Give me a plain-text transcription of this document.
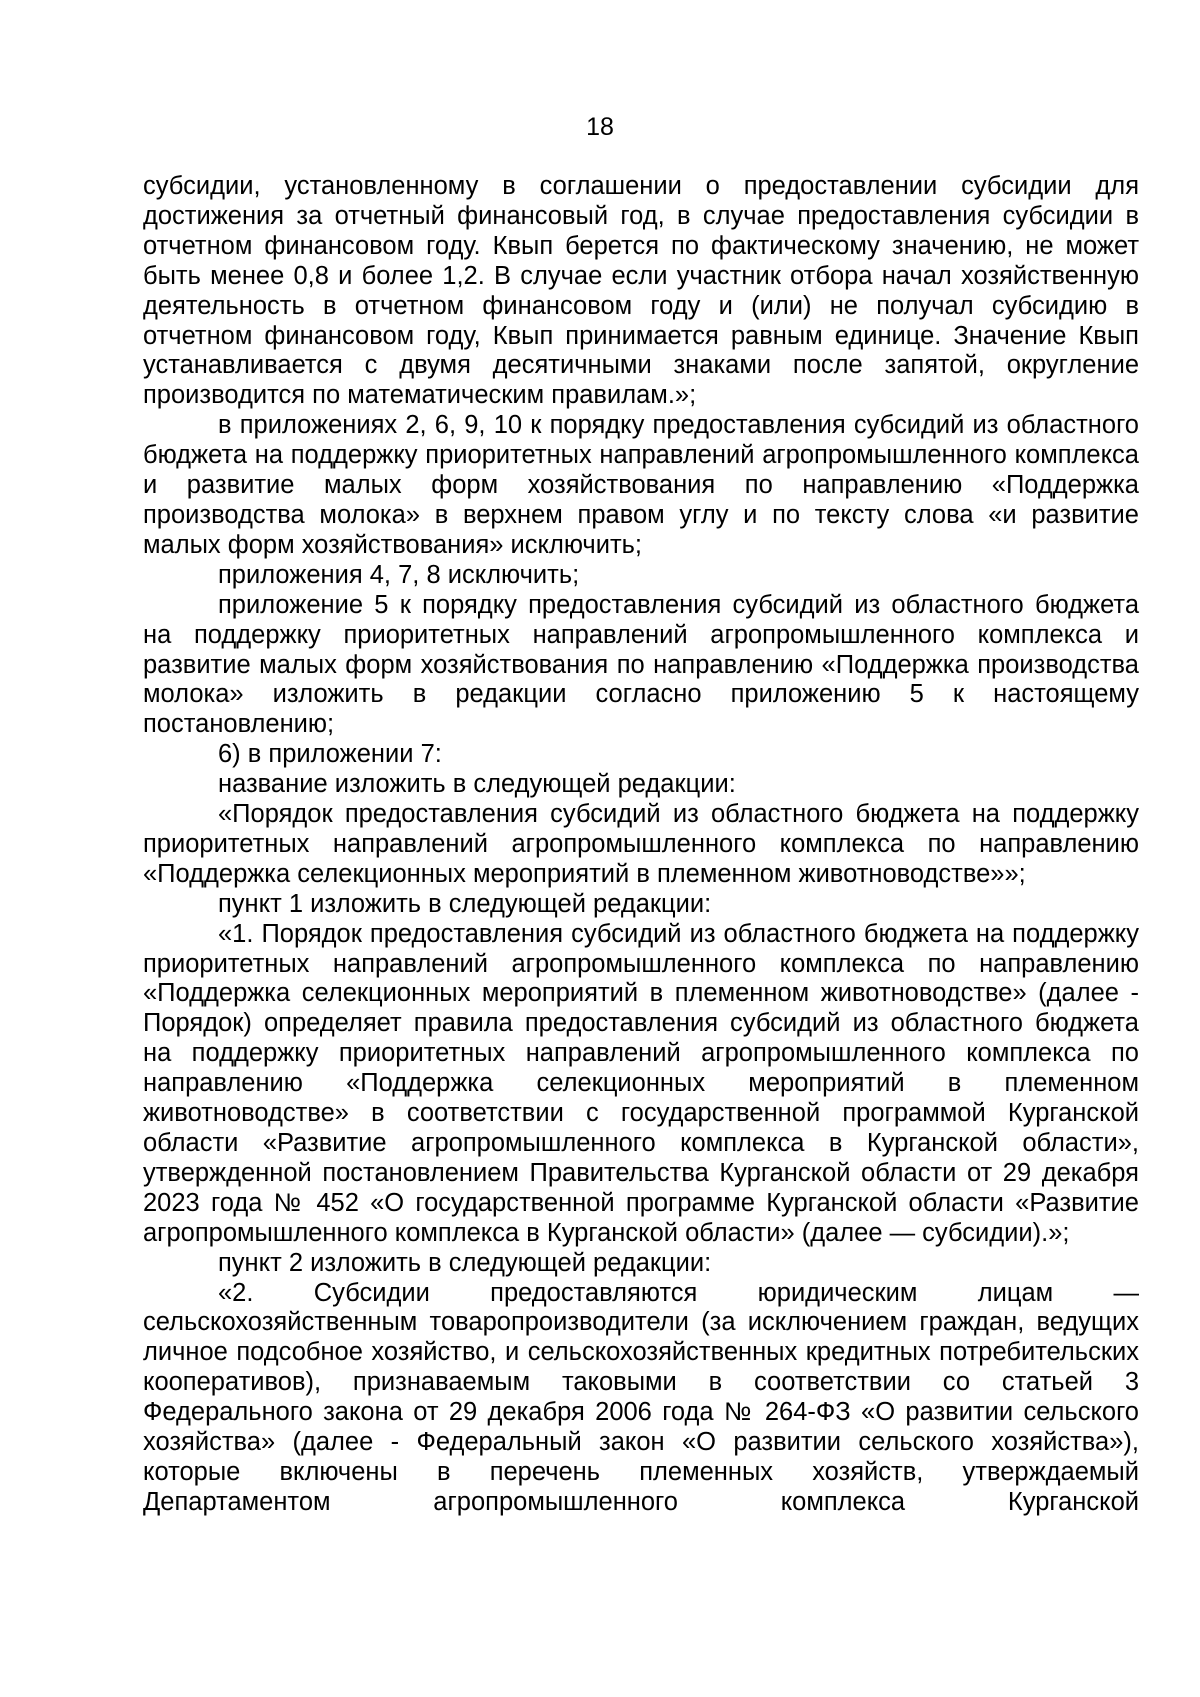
18

субсидии, установленному в соглашении о предоставлении субсидии для достижения за отчетный финансовый год, в случае предоставления субсидии в отчетном финансовом году. Квып берется по фактическому значению, не может быть менее 0,8 и более 1,2. В случае если участник отбора начал хозяйственную деятельность в отчетном финансовом году и (или) не получал субсидию в отчетном финансовом году, Квып принимается равным единице. Значение Квып устанавливается с двумя десятичными знаками после запятой, округление производится по математическим правилам.»;

в приложениях 2, 6, 9, 10 к порядку предоставления субсидий из областного бюджета на поддержку приоритетных направлений агропромышленного комплекса и развитие малых форм хозяйствования по направлению «Поддержка производства молока» в верхнем правом углу и по тексту слова «и развитие малых форм хозяйствования» исключить;

приложения 4, 7, 8 исключить;

приложение 5 к порядку предоставления субсидий из областного бюджета на поддержку приоритетных направлений агропромышленного комплекса и развитие малых форм хозяйствования по направлению «Поддержка производства молока» изложить в редакции согласно приложению 5 к настоящему постановлению;

6) в приложении 7:

название изложить в следующей редакции:

«Порядок предоставления субсидий из областного бюджета на поддержку приоритетных направлений агропромышленного комплекса по направлению «Поддержка селекционных мероприятий в племенном животноводстве»»;

пункт 1 изложить в следующей редакции:

«1. Порядок предоставления субсидий из областного бюджета на поддержку приоритетных направлений агропромышленного комплекса по направлению «Поддержка селекционных мероприятий в племенном животноводстве» (далее - Порядок) определяет правила предоставления субсидий из областного бюджета на поддержку приоритетных направлений агропромышленного комплекса по направлению «Поддержка селекционных мероприятий в племенном животноводстве» в соответствии с государственной программой Курганской области «Развитие агропромышленного комплекса в Курганской области», утвержденной постановлением Правительства Курганской области от 29 декабря 2023 года № 452 «О государственной программе Курганской области «Развитие агропромышленного комплекса в Курганской области» (далее — субсидии).»;

пункт 2 изложить в следующей редакции:

«2. Субсидии предоставляются юридическим лицам — сельскохозяйственным товаропроизводители (за исключением граждан, ведущих личное подсобное хозяйство, и сельскохозяйственных кредитных потребительских кооперативов), признаваемым таковыми в соответствии со статьей 3 Федерального закона от 29 декабря 2006 года № 264-ФЗ «О развитии сельского хозяйства» (далее - Федеральный закон «О развитии сельского хозяйства»), которые включены в перечень племенных хозяйств, утверждаемый Департаментом агропромышленного комплекса Курганской
